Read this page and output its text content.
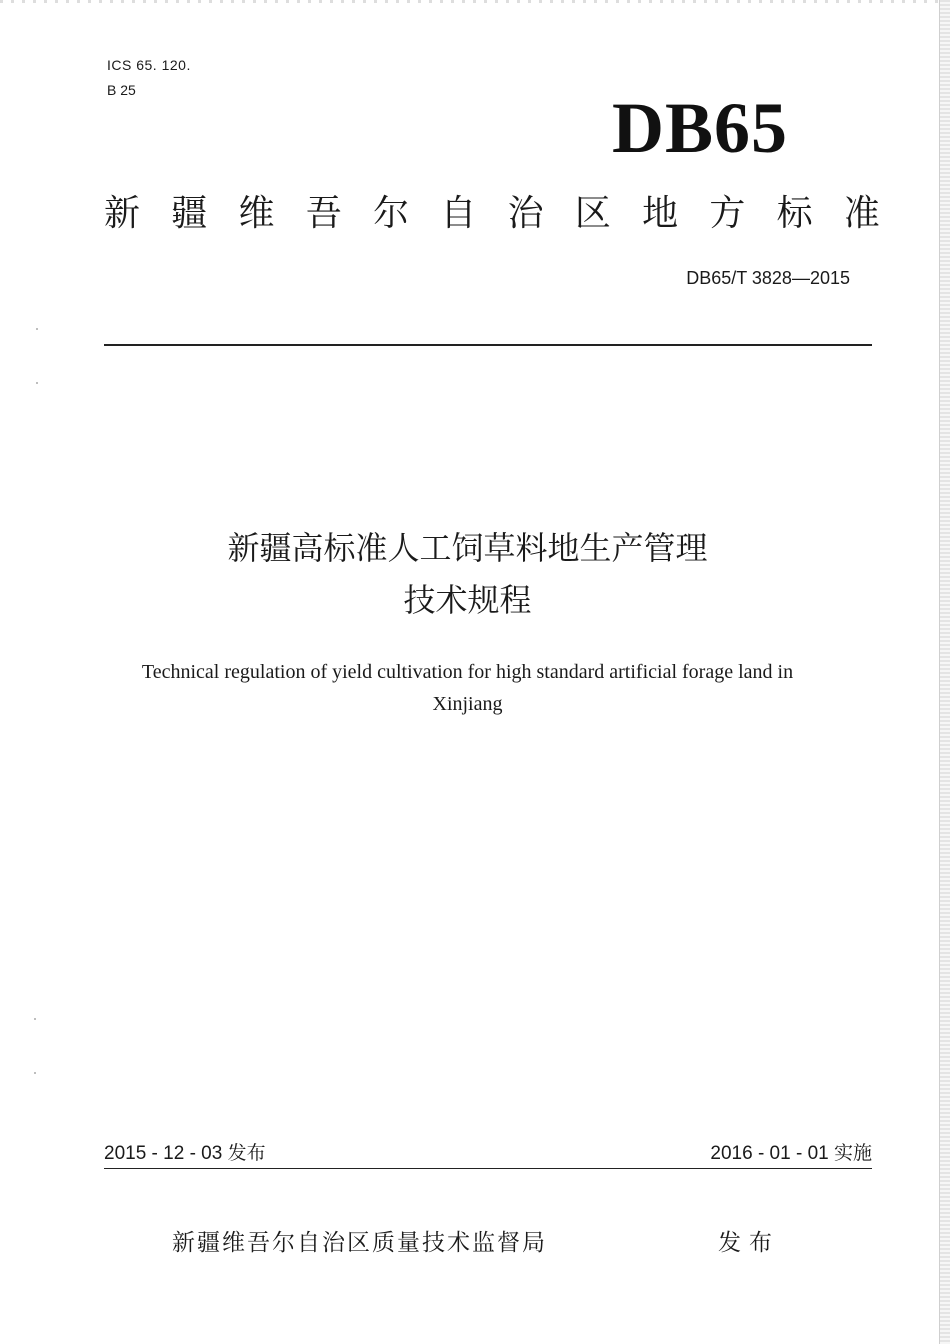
ICS 65. 120.
B 25	DB65
新 疆 维 吾 尔 自 治 区 地 方 标 准
DB65/T 3828—2015
新疆高标准人工饲草料地生产管理
技术规程
Technical regulation of yield cultivation for high standard artificial forage land in
Xinjiang
2015 - 12 - 03 发布	2016 - 01 - 01 实施
新疆维吾尔自治区质量技术监督局	发布
